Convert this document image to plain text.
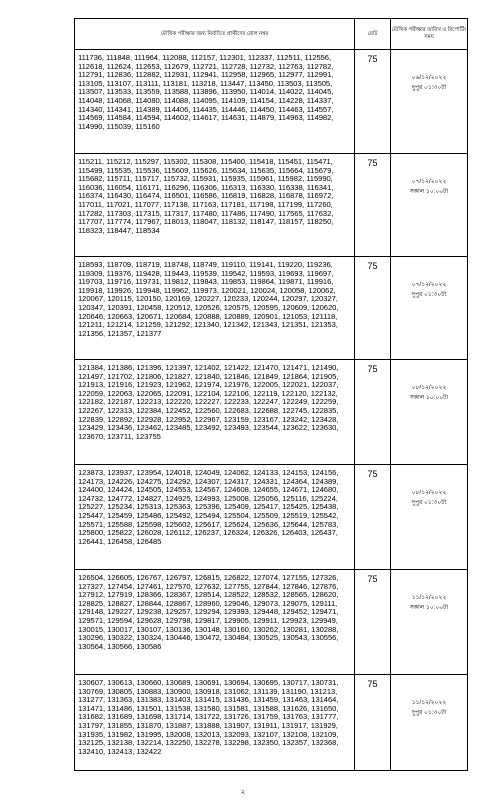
মৌখিক পরীক্ষার জন্য নির্বাচিত প্রার্থীদের রোল নম্বর	মোট	মৌখিক পরীক্ষার তারিখ ও রিপোর্টিং সময়
111736, 111848, 111964, 112088, 112157, 112301, 112337, 112511, 112556, 112618, 112624, 112653, 112679, 112721, 112728, 112732, 112763, 112782, 112791, 112836, 112882, 112931, 112941, 112958, 112965, 112977, 112991, 113105, 113107, 113111, 113181, 113218, 113447, 113450, 113503, 113505, 113507, 113533, 113559, 113588, 113896, 113950, 114014, 114022, 114045, 114048, 114068, 114080, 114088, 114095, 114109, 114154, 114228, 114337, 114340, 114341, 114389, 114406, 114435, 114446, 114450, 114463, 114557, 114569, 114584, 114594, 114602, 114617, 114631, 114879, 114963, 114982, 114990, 115039, 115160	75	০৬/১২/২০২২
দুপুর ০১:৩০টা

115211, 115212, 115297, 115302, 115308, 115400, 115418, 115451, 115471, 115499, 115535, 115536, 115609, 115626, 115634, 115635, 115664, 115679, 115682, 115711, 115717, 115732, 115931, 115935, 115961, 115982, 115990, 116036, 116054, 116171, 116296, 116306, 116313, 116330, 116338, 116341, 116374, 116430, 116474, 116501, 116586, 116819, 116828, 116878, 116972, 117011, 117021, 117077, 117138, 117163, 117181, 117198, 117199, 117260, 117282, 117303, 117315, 117317, 117480, 117486, 117490, 117565, 117632, 117707, 117774, 117967, 118013, 118047, 118132, 118147, 118157, 118250, 118323, 118447, 118534	75	০৭/১২/২০২২
সকাল ১০:০০টা

118593, 118709, 118719, 118748, 118749, 119110, 119141, 119220, 119236, 119309, 119376, 119428, 119443, 119539, 119542, 119593, 119693, 119697, 119703, 119716, 119731, 119812, 119843, 119853, 119864, 119871, 119916, 119918, 119926, 119948, 119962, 119973, 120021, 120024, 120058, 120062, 120067, 120115, 120150, 120169, 120227, 120233, 120244, 120297, 120327, 120347, 120391, 120458, 120512, 120526, 120575, 120595, 120609, 120620, 120646, 120663, 120671, 120684, 120888, 120889, 120901, 121053, 121118, 121211, 121214, 121259, 121292, 121340, 121342, 121343, 121351, 121353, 121356, 121357, 121377	75	০৭/১২/২০২২
দুপুর ০১:৩০টা

121384, 121386, 121396, 121397, 121402, 121422, 121470, 121471, 121490, 121497, 121702, 121806, 121827, 121840, 121846, 121849, 121864, 121905, 121913, 121916, 121923, 121962, 121974, 121976, 122005, 122021, 122037, 122059, 122063, 122065, 122091, 122104, 122106, 122119, 122120, 122132, 122182, 122187, 122213, 122220, 122227, 122233, 122247, 122249, 122259, 122267, 122313, 122384, 122452, 122560, 122683, 122688, 122745, 122835, 122839, 122892, 122928, 122952, 122967, 123159, 123167, 123242, 123428, 123429, 123436, 123462, 123485, 123492, 123493, 123544, 123622, 123630, 123670, 123711, 123755	75	০৮/১২/২০২২
সকাল ১০:০০টা

123873, 123937, 123954, 124018, 124049, 124062, 124133, 124153, 124156, 124173, 124226, 124275, 124292, 124307, 124317, 124331, 124364, 124389, 124400, 124424, 124505, 124553, 124567, 124608, 124655, 124671, 124680, 124732, 124772, 124827, 124925, 124993, 125008, 125056, 125116, 125224, 125227, 125234, 125313, 125363, 125396, 125409, 125417, 125425, 125438, 125447, 125459, 125486, 125492, 125494, 125504, 125509, 125519, 125542, 125571, 125588, 125598, 125602, 125617, 125624, 125636, 125644, 125783, 125800, 125822, 126028, 126112, 126237, 126324, 126326, 126403, 126437, 126441, 126458, 126485	75	০৮/১২/২০২২
দুপুর ০১:৩০টা

126504, 126605, 126767, 126797, 126815, 126822, 127074, 127155, 127326, 127327, 127454, 127461, 127570, 127632, 127755, 127844, 127846, 127876, 127912, 127919, 128366, 128367, 128514, 128522, 128532, 128565, 128620, 128825, 128827, 128844, 128867, 128960, 129046, 129073, 129075, 129111, 129148, 129227, 129238, 129257, 129294, 129393, 129448, 129452, 129471, 129571, 129594, 129628, 129798, 129817, 129905, 129911, 129923, 129949, 130015, 130017, 130107, 130136, 130148, 130160, 130262, 130281, 130288, 130296, 130322, 130324, 130446, 130472, 130484, 130525, 130543, 130556, 130564, 130566, 130586	75	১১/১২/২০২২
সকাল ১০:০০টা

130607, 130613, 130660, 130689, 130691, 130694, 130695, 130717, 130731, 130769, 130805, 130883, 130900, 130918, 131062, 131139, 131190, 131213, 131277, 131363, 131383, 131403, 131415, 131436, 131459, 131463, 131464, 131471, 131486, 131501, 131538, 131580, 131581, 131588, 131626, 131650, 131682, 131689, 131698, 131714, 131722, 131726, 131759, 131763, 131777, 131797, 131855, 131870, 131887, 131888, 131907, 131911, 131917, 131929, 131935, 131982, 131995, 132008, 132013, 132093, 132107, 132108, 132109, 132125, 132138, 132214, 132250, 132278, 132298, 132350, 132357, 132368, 132410, 132413, 132422	75	১১/১২/২০২২
দুপুর ০১:৩০টা
২
